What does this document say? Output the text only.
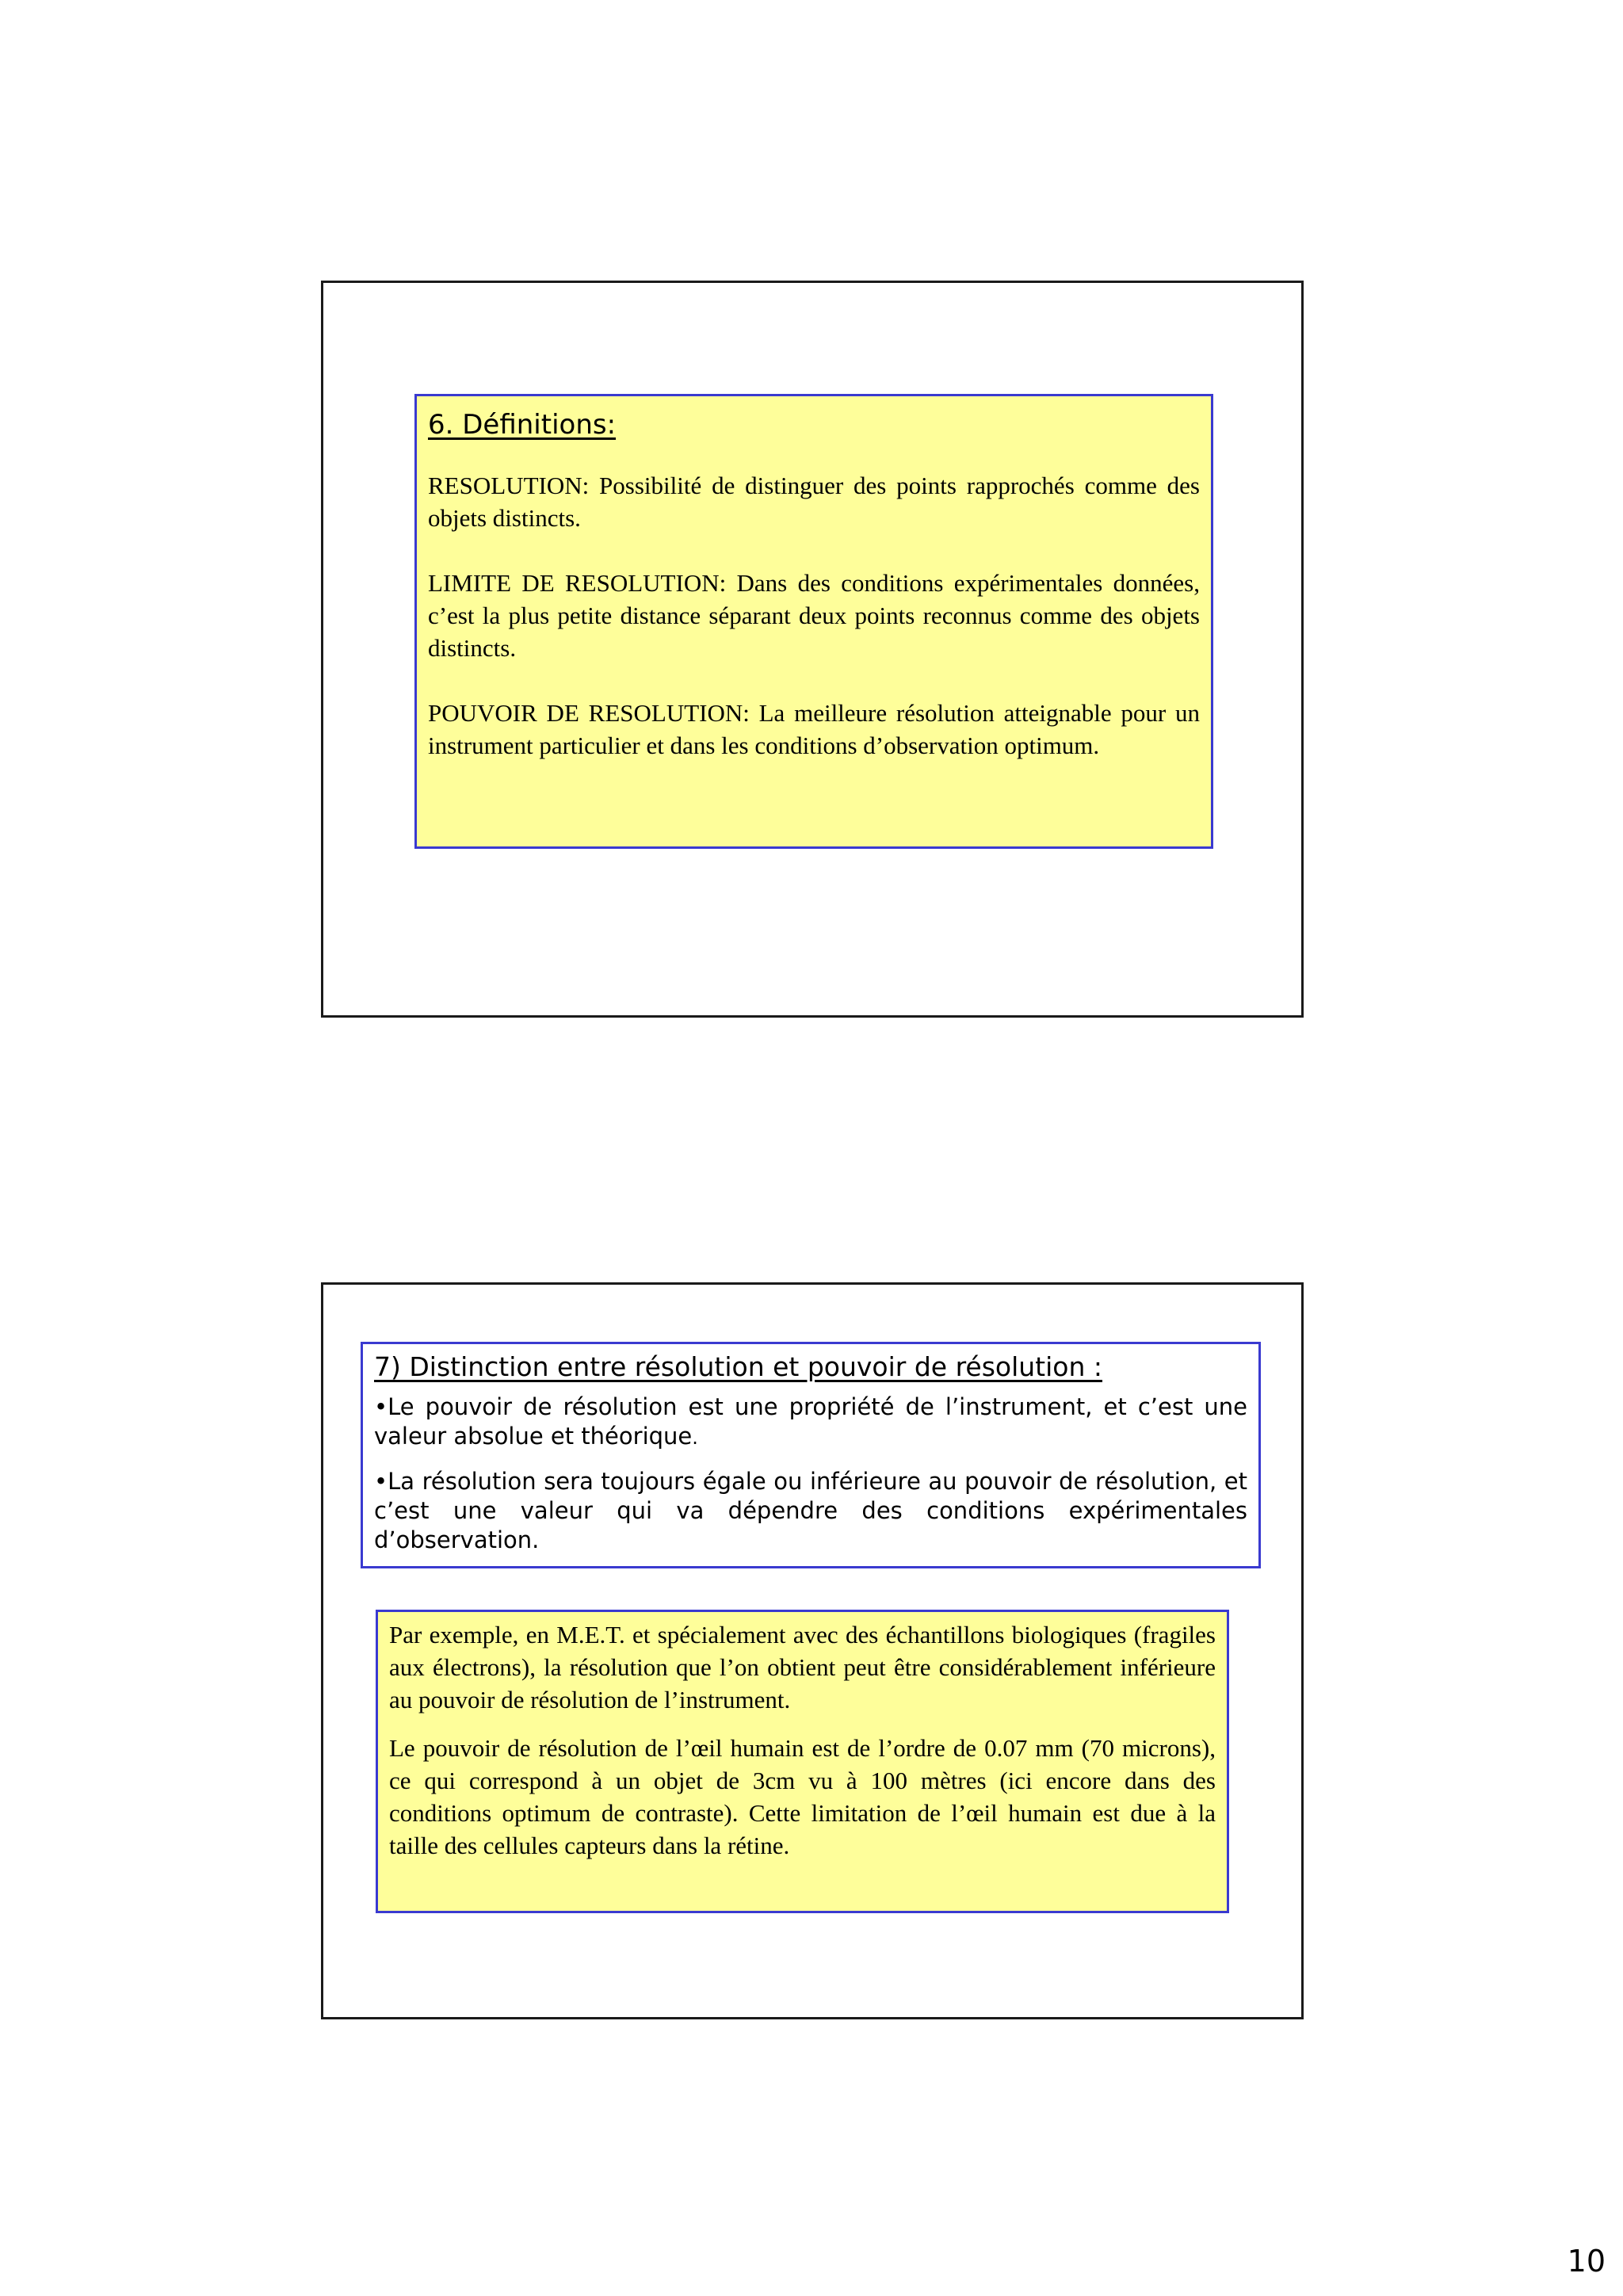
6. Définitions:

RESOLUTION: Possibilité de distinguer des points rapprochés comme des objets distincts.

LIMITE DE RESOLUTION: Dans des conditions expérimentales données, c’est la plus petite distance séparant deux points reconnus comme des objets distincts.

POUVOIR DE RESOLUTION: La meilleure résolution atteignable pour un instrument particulier et dans les conditions d’observation optimum.

7) Distinction entre résolution et pouvoir de résolution :

•Le pouvoir de résolution est une propriété de l’instrument, et c’est une valeur absolue et théorique.

•La résolution sera toujours égale ou inférieure au pouvoir de résolution, et c’est une valeur qui va dépendre des conditions expérimentales d’observation.

Par exemple, en M.E.T. et spécialement avec des échantillons biologiques (fragiles aux électrons), la résolution que l’on obtient peut être considérablement inférieure au pouvoir de résolution de l’instrument.

Le pouvoir de résolution de l’œil humain est de l’ordre de 0.07 mm (70 microns), ce qui correspond à un objet de 3cm vu à 100 mètres (ici encore dans des conditions optimum de contraste). Cette limitation de l’œil humain est due à la taille des cellules capteurs dans la rétine.

10
